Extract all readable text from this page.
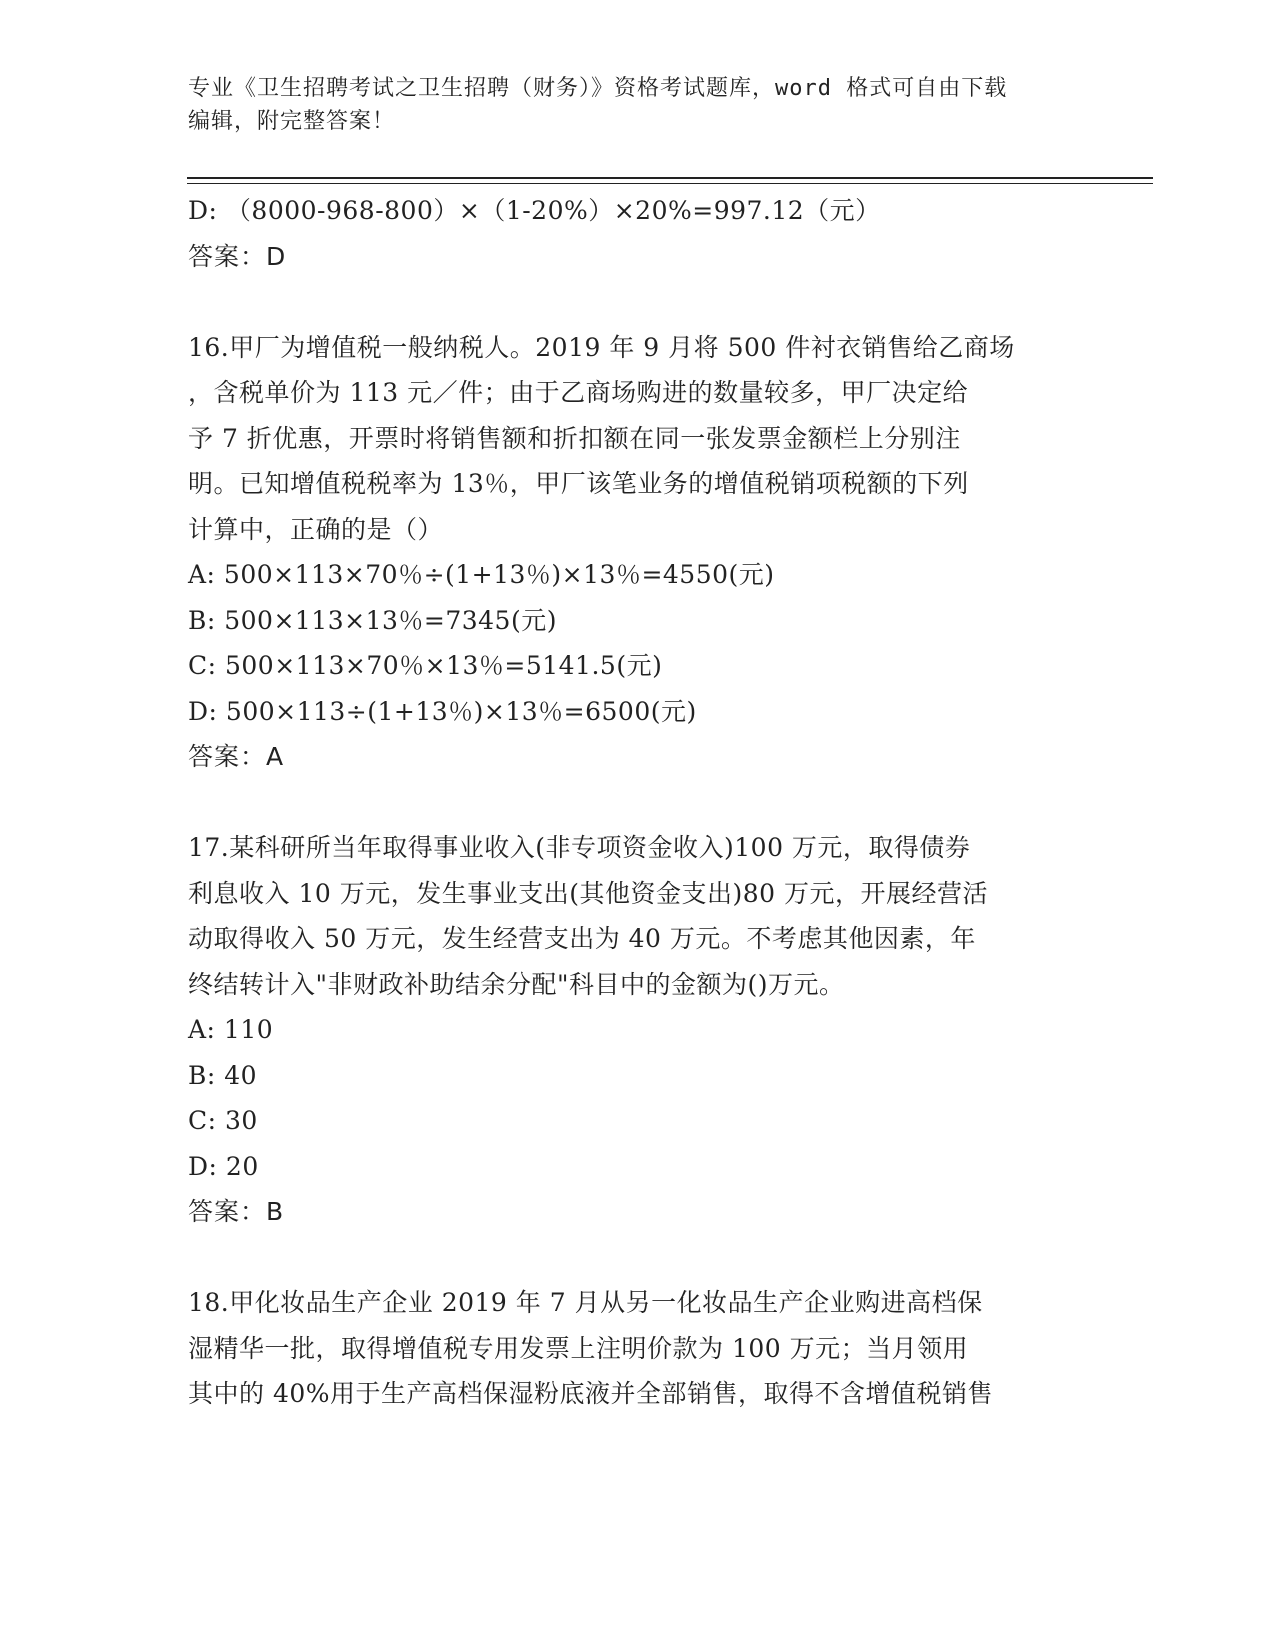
专业《卫生招聘考试之卫生招聘（财务）》资格考试题库，word 格式可自由下载
编辑，附完整答案！
D: （8000-968-800）×（1-20%）×20%=997.12（元）
答案：D
16.甲厂为增值税一般纳税人。2019 年 9 月将 500 件衬衣销售给乙商场
，含税单价为 113 元／件；由于乙商场购进的数量较多，甲厂决定给
予 7 折优惠，开票时将销售额和折扣额在同一张发票金额栏上分别注
明。已知增值税税率为 13％，甲厂该笔业务的增值税销项税额的下列
计算中，正确的是（）
A: 500×113×70％÷(1+13％)×13％=4550(元)
B: 500×113×13％=7345(元)
C: 500×113×70％×13％=5141.5(元)
D: 500×113÷(1+13％)×13％=6500(元)
答案：A
17.某科研所当年取得事业收入(非专项资金收入)100 万元，取得债券
利息收入 10 万元，发生事业支出(其他资金支出)80 万元，开展经营活
动取得收入 50 万元，发生经营支出为 40 万元。不考虑其他因素，年
终结转计入"非财政补助结余分配"科目中的金额为()万元。
A: 110
B: 40
C: 30
D: 20
答案：B
18.甲化妆品生产企业 2019 年 7 月从另一化妆品生产企业购进高档保
湿精华一批，取得增值税专用发票上注明价款为 100 万元；当月领用
其中的 40%用于生产高档保湿粉底液并全部销售，取得不含增值税销售
